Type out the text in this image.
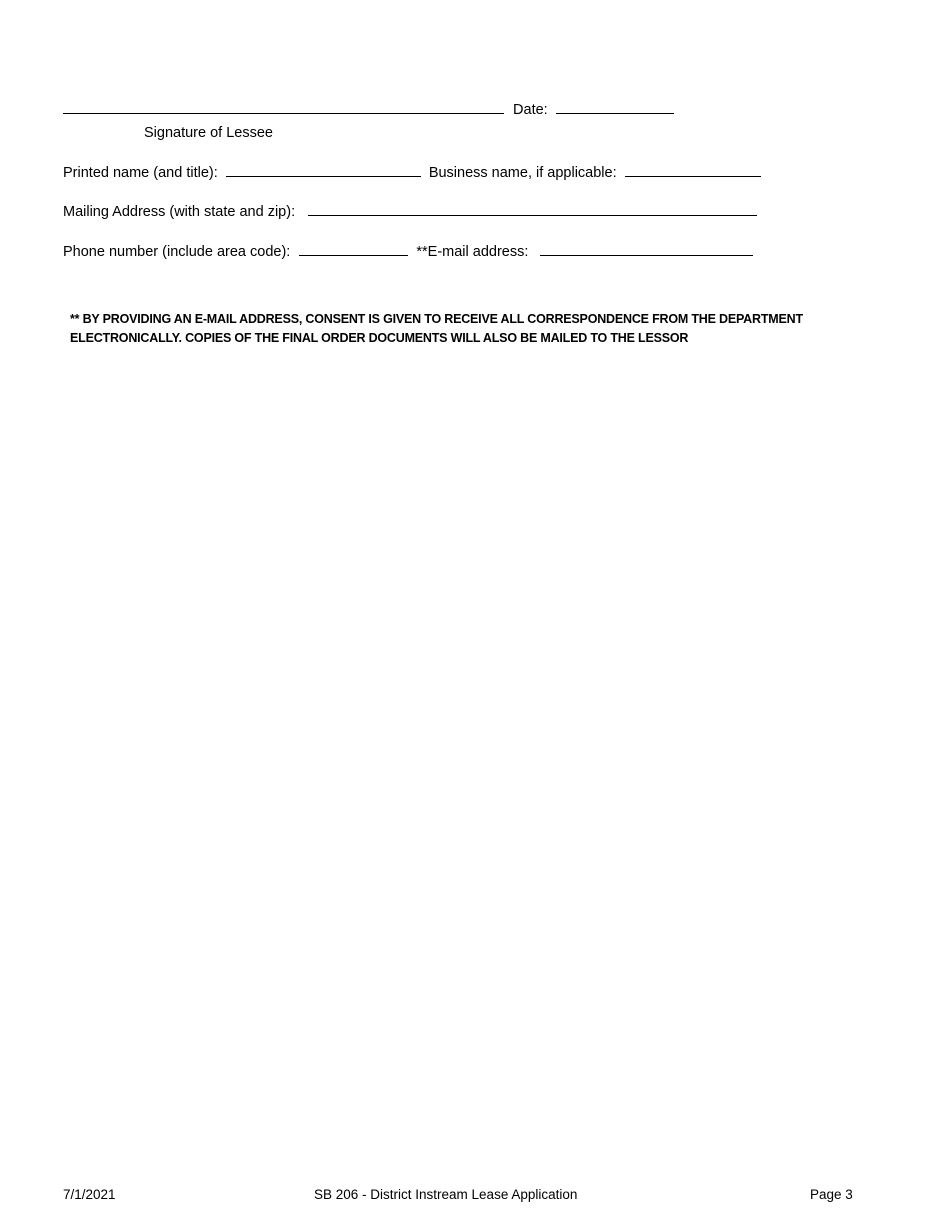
Date:
Signature of Lessee
Printed name (and title):	Business name, if applicable:
Mailing Address (with state and zip):
Phone number (include area code):	**E-mail address:
** BY PROVIDING AN E-MAIL ADDRESS, CONSENT IS GIVEN TO RECEIVE ALL CORRESPONDENCE FROM THE DEPARTMENT
ELECTRONICALLY. COPIES OF THE FINAL ORDER DOCUMENTS WILL ALSO BE MAILED TO THE LESSOR
7/1/2021	SB 206 - District Instream Lease Application	Page 3
